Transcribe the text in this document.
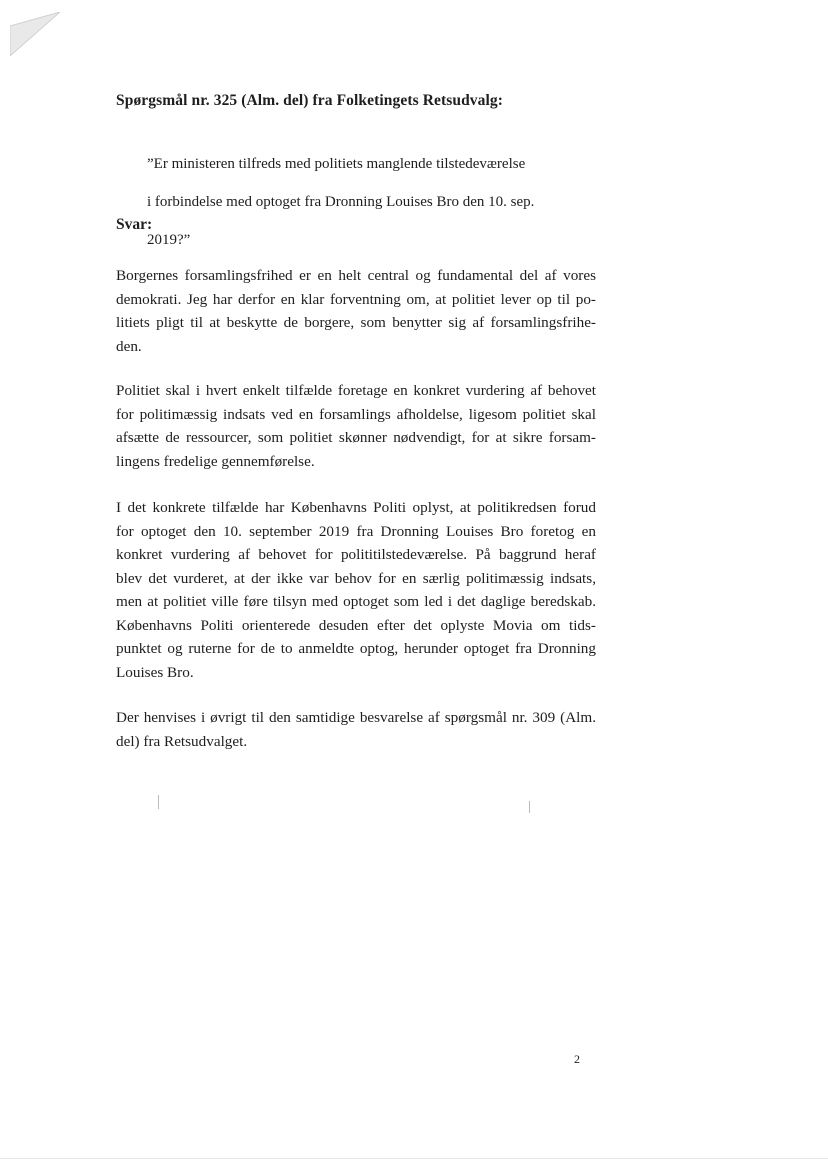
Spørgsmål nr. 325 (Alm. del) fra Folketingets Retsudvalg:

”Er ministeren tilfreds med politiets manglende tilstedeværelse

i forbindelse med optoget fra Dronning Louises Bro den 10. sep.

2019?”

Svar:
Borgernes forsamlingsfrihed er en helt central og fundamental del af vores
demokrati. Jeg har derfor en klar forventning om, at politiet lever op til po-
litiets pligt til at beskytte de borgere, som benytter sig af forsamlingsfrihe-
den.
Politiet skal i hvert enkelt tilfælde foretage en konkret vurdering af behovet
for politimæssig indsats ved en forsamlings afholdelse, ligesom politiet skal
afsætte de ressourcer, som politiet skønner nødvendigt, for at sikre forsam-
lingens fredelige gennemførelse.
I det konkrete tilfælde har Københavns Politi oplyst, at politikredsen forud
for optoget den 10. september 2019 fra Dronning Louises Bro foretog en
konkret vurdering af behovet for polititilstedeværelse. På baggrund heraf
blev det vurderet, at der ikke var behov for en særlig politimæssig indsats,
men at politiet ville føre tilsyn med optoget som led i det daglige beredskab.
Københavns Politi orienterede desuden efter det oplyste Movia om tids-
punktet og ruterne for de to anmeldte optog, herunder optoget fra Dronning
Louises Bro.
Der henvises i øvrigt til den samtidige besvarelse af spørgsmål nr. 309 (Alm.
del) fra Retsudvalget.
2
